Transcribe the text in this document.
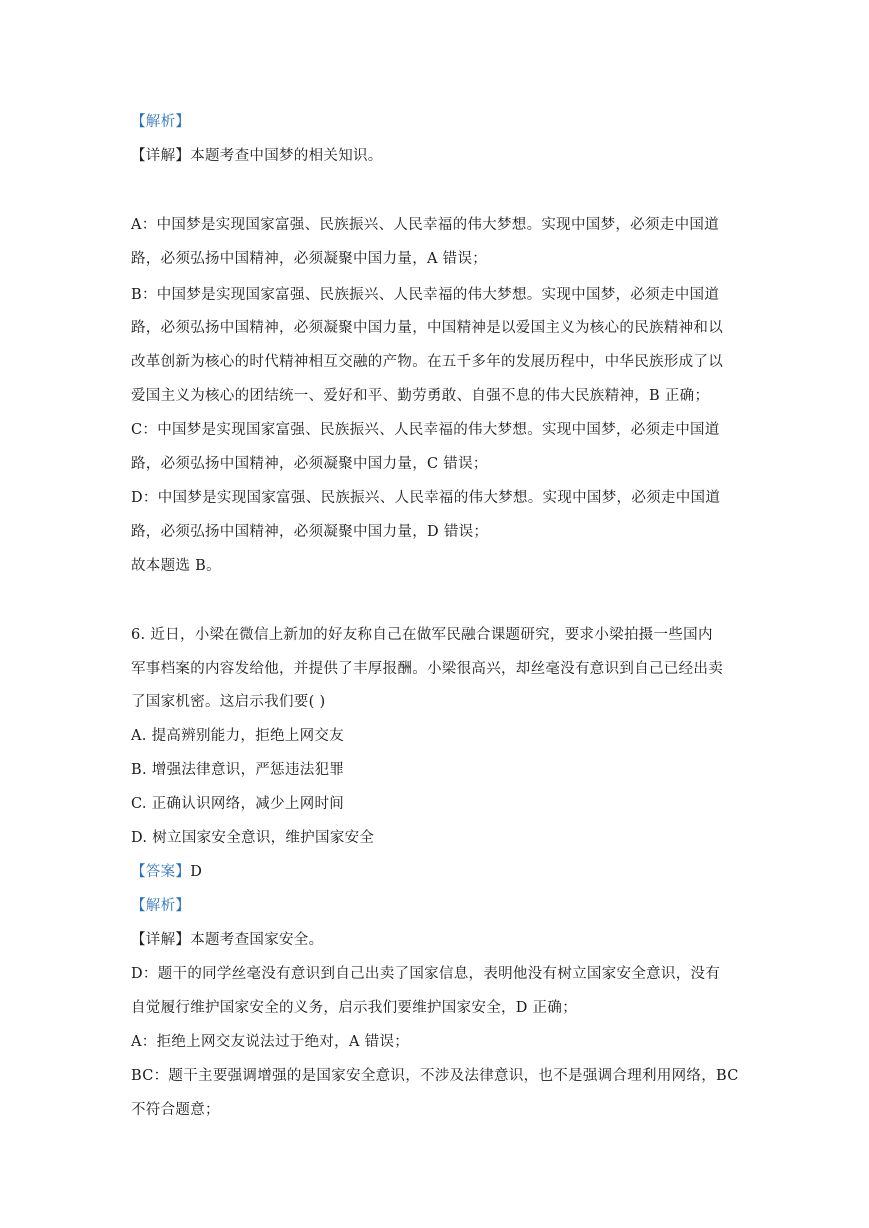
【解析】
【详解】本题考查中国梦的相关知识。
A：中国梦是实现国家富强、民族振兴、人民幸福的伟大梦想。实现中国梦，必须走中国道
路，必须弘扬中国精神，必须凝聚中国力量，A 错误；
B：中国梦是实现国家富强、民族振兴、人民幸福的伟大梦想。实现中国梦，必须走中国道
路，必须弘扬中国精神，必须凝聚中国力量，中国精神是以爱国主义为核心的民族精神和以
改革创新为核心的时代精神相互交融的产物。在五千多年的发展历程中，中华民族形成了以
爱国主义为核心的团结统一、爱好和平、勤劳勇敢、自强不息的伟大民族精神，B 正确；
C：中国梦是实现国家富强、民族振兴、人民幸福的伟大梦想。实现中国梦，必须走中国道
路，必须弘扬中国精神，必须凝聚中国力量，C 错误；
D：中国梦是实现国家富强、民族振兴、人民幸福的伟大梦想。实现中国梦，必须走中国道
路，必须弘扬中国精神，必须凝聚中国力量，D 错误；
故本题选 B。
6. 近日，小梁在微信上新加的好友称自己在做军民融合课题研究，要求小梁拍摄一些国内
军事档案的内容发给他，并提供了丰厚报酬。小梁很高兴，却丝毫没有意识到自己已经出卖
了国家机密。这启示我们要( )
A. 提高辨别能力，拒绝上网交友
B. 增强法律意识，严惩违法犯罪
C. 正确认识网络，减少上网时间
D. 树立国家安全意识，维护国家安全
【答案】D
【解析】
【详解】本题考查国家安全。
D：题干的同学丝毫没有意识到自己出卖了国家信息，表明他没有树立国家安全意识，没有
自觉履行维护国家安全的义务，启示我们要维护国家安全，D 正确；
A：拒绝上网交友说法过于绝对，A 错误；
BC：题干主要强调增强的是国家安全意识，不涉及法律意识，也不是强调合理利用网络，BC
不符合题意；
